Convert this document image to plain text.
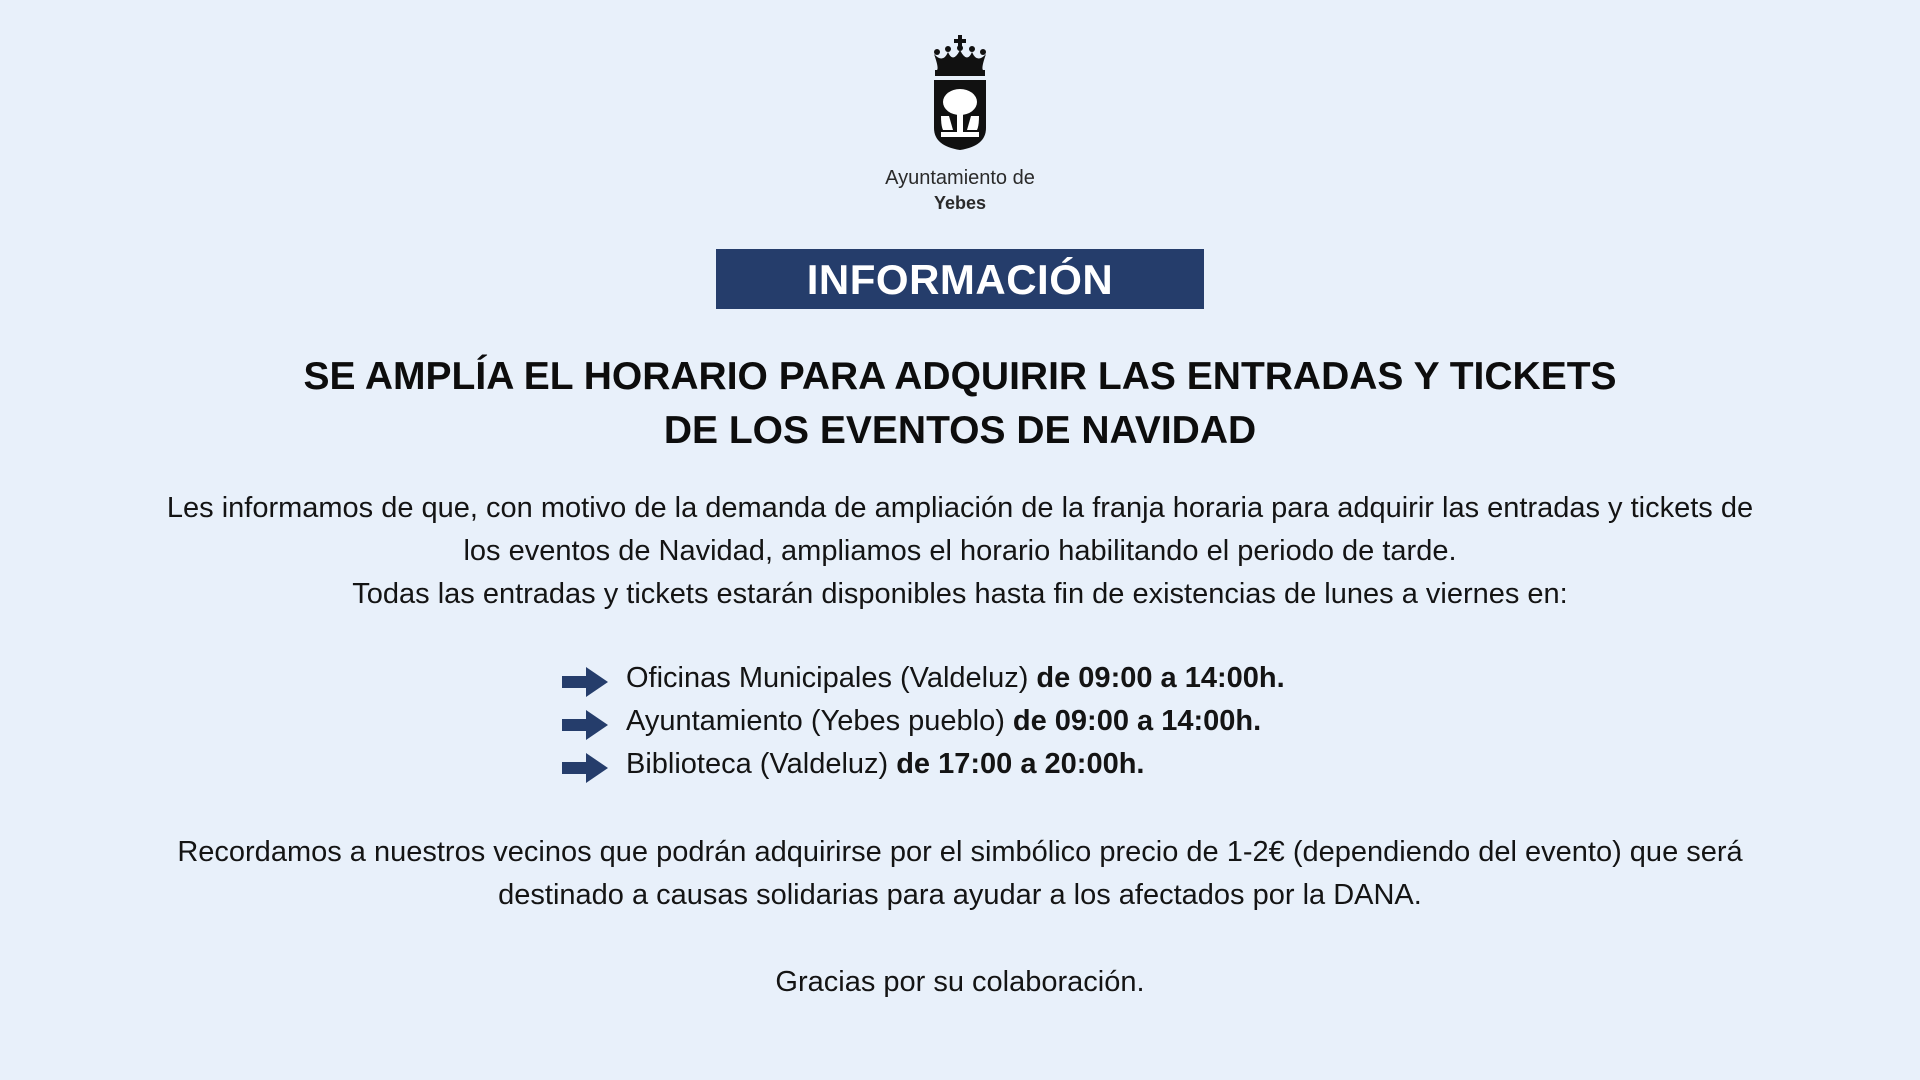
Ayuntamiento de
Yebes
INFORMACIÓN
SE AMPLÍA EL HORARIO PARA ADQUIRIR LAS ENTRADAS Y TICKETS
DE LOS EVENTOS DE NAVIDAD

Les informamos de que, con motivo de la demanda de ampliación de la franja horaria para adquirir las entradas y tickets de

los eventos de Navidad, ampliamos el horario habilitando el periodo de tarde.

Todas las entradas y tickets estarán disponibles hasta fin de existencias de lunes a viernes en:

Oficinas Municipales (Valdeluz) de 09:00 a 14:00h.
Ayuntamiento (Yebes pueblo) de 09:00 a 14:00h.
Biblioteca (Valdeluz) de 17:00 a 20:00h.
Recordamos a nuestros vecinos que podrán adquirirse por el simbólico precio de 1-2€ (dependiendo del evento) que será
destinado a causas solidarias para ayudar a los afectados por la DANA.
Gracias por su colaboración.
